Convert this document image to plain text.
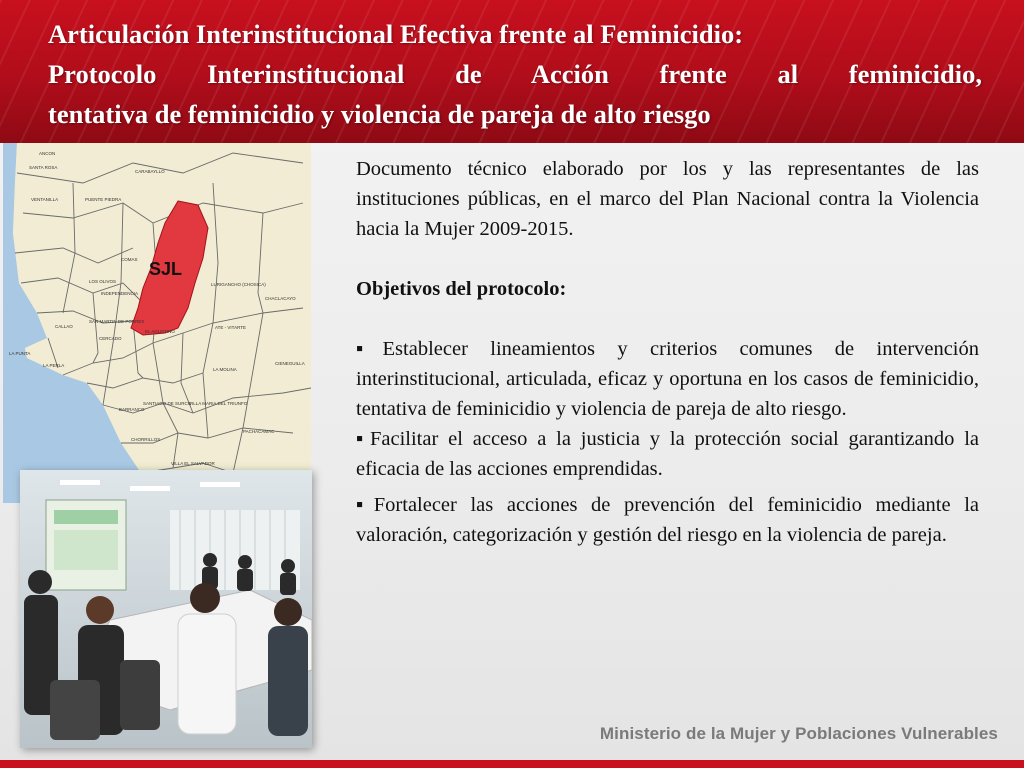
Articulación Interinstitucional Efectiva frente al Feminicidio:
Protocolo Interinstitucional de Acción frente al feminicidio,
tentativa de feminicidio y violencia de pareja de alto riesgo
SJL
ANCON
SANTA ROSA
CARABAYLLO
VENTANILLA	PUENTE PIEDRA
COMAS
LOS OLIVOS
INDEPENDENCIA
SAN MARTIN DE PORRES
CALLAO
CERCADO
LURIGANCHO (CHOSICA)
CHACLACAYO
ATE - VITARTE
EL AGUSTINO
LA PUNTA
LA PERLA
LA MOLINA
CIENEGUILLA
SANTIAGO DE SURCO
BARRANCO
VILLA MARIA DEL TRIUNFO
CHORRILLOS
PACHACAMAC
VILLA EL SALVADOR

Documento técnico elaborado por los y las representantes de las instituciones públicas, en el marco del Plan Nacional contra la Violencia hacia la Mujer 2009-2015.

Objetivos del protocolo:

▪ Establecer lineamientos y criterios comunes de intervención interinstitucional, articulada, eficaz y oportuna en los casos de feminicidio, tentativa de feminicidio y violencia de pareja de alto riesgo.

▪ Facilitar el acceso a la justicia y la protección social garantizando la eficacia de las acciones emprendidas.

▪ Fortalecer las acciones de prevención del feminicidio mediante la valoración, categorización y gestión del riesgo en la violencia de pareja.

Ministerio de la Mujer y Poblaciones Vulnerables
